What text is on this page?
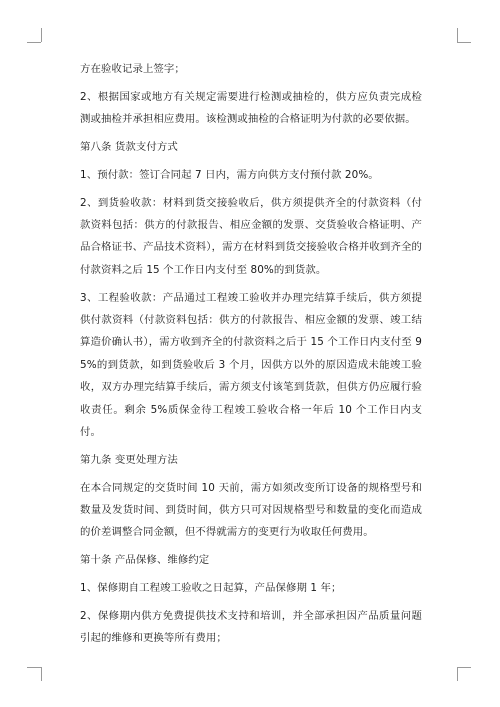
方在验收记录上签字；

2、根据国家或地方有关规定需要进行检测或抽检的，供方应负责完成检测或抽检并承担相应费用。该检测或抽检的合格证明为付款的必要依据。

第八条 货款支付方式

1、预付款：签订合同起 7 日内，需方向供方支付预付款 20%。

2、到货验收款：材料到货交接验收后，供方须提供齐全的付款资料（付款资料包括：供方的付款报告、相应金额的发票、交货验收合格证明、产品合格证书、产品技术资料），需方在材料到货交接验收合格并收到齐全的付款资料之后 15 个工作日内支付至 80%的到货款。

3、工程验收款：产品通过工程竣工验收并办理完结算手续后，供方须提供付款资料（付款资料包括：供方的付款报告、相应金额的发票、竣工结算造价确认书），需方收到齐全的付款资料之后于 15 个工作日内支付至 95%的到货款，如到货验收后 3 个月，因供方以外的原因造成未能竣工验收，双方办理完结算手续后，需方须支付该笔到货款，但供方仍应履行验收责任。剩余 5%质保金待工程竣工验收合格一年后 10 个工作日内支付。

第九条 变更处理方法

在本合同规定的交货时间 10 天前，需方如须改变所订设备的规格型号和数量及发货时间、到货时间，供方只可对因规格型号和数量的变化而造成的价差调整合同金额，但不得就需方的变更行为收取任何费用。

第十条 产品保修、维修约定

1、保修期自工程竣工验收之日起算，产品保修期 1 年；

2、保修期内供方免费提供技术支持和培训，并全部承担因产品质量问题引起的维修和更换等所有费用；
